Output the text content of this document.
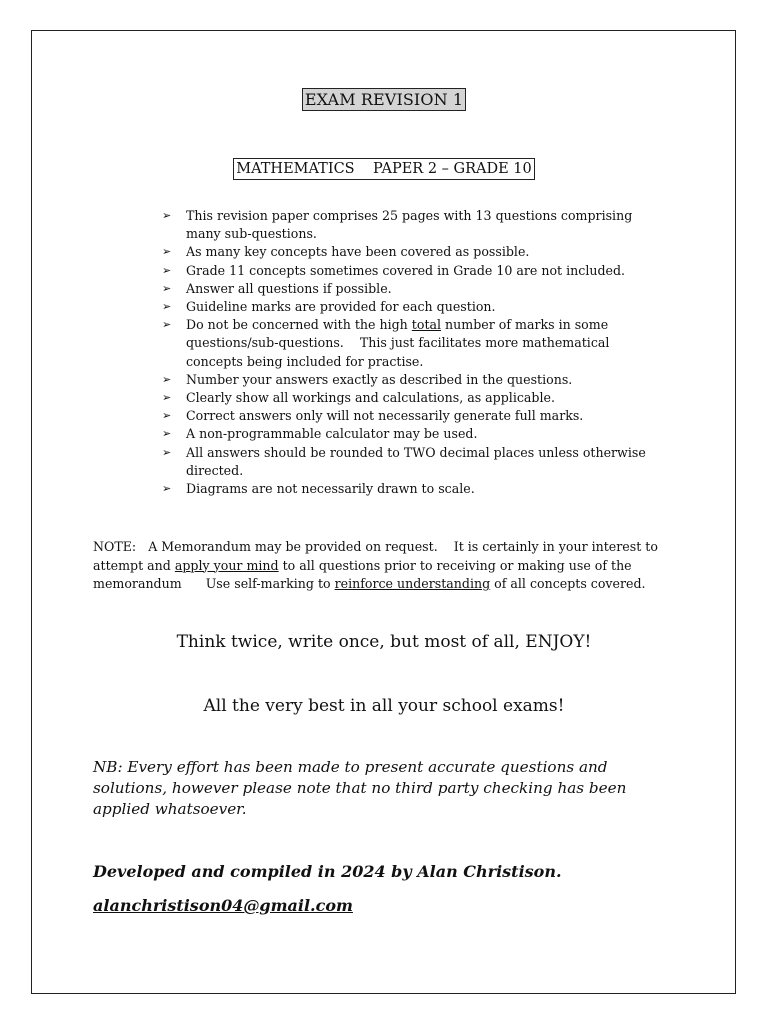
EXAM REVISION 1
MATHEMATICS    PAPER 2 – GRADE 10
➢ This revision paper comprises 25 pages with 13 questions comprising many sub-questions.
➢ As many key concepts have been covered as possible.
➢ Grade 11 concepts sometimes covered in Grade 10 are not included.
➢ Answer all questions if possible.
➢ Guideline marks are provided for each question.
➢ Do not be concerned with the high total number of marks in some questions/sub-questions.    This just facilitates more mathematical concepts being included for practise.
➢ Number your answers exactly as described in the questions.
➢ Clearly show all workings and calculations, as applicable.
➢ Correct answers only will not necessarily generate full marks.
➢ A non-programmable calculator may be used.
➢ All answers should be rounded to TWO decimal places unless otherwise directed.
➢ Diagrams are not necessarily drawn to scale.

NOTE:   A Memorandum may be provided on request.    It is certainly in your interest to attempt and apply your mind to all questions prior to receiving or making use of the memorandum      Use self-marking to reinforce understanding of all concepts covered.

Think twice, write once, but most of all, ENJOY!

All the very best in all your school exams!

NB: Every effort has been made to present accurate questions and solutions, however please note that no third party checking has been applied whatsoever.

Developed and compiled in 2024 by Alan Christison.

alanchristison04@gmail.com
